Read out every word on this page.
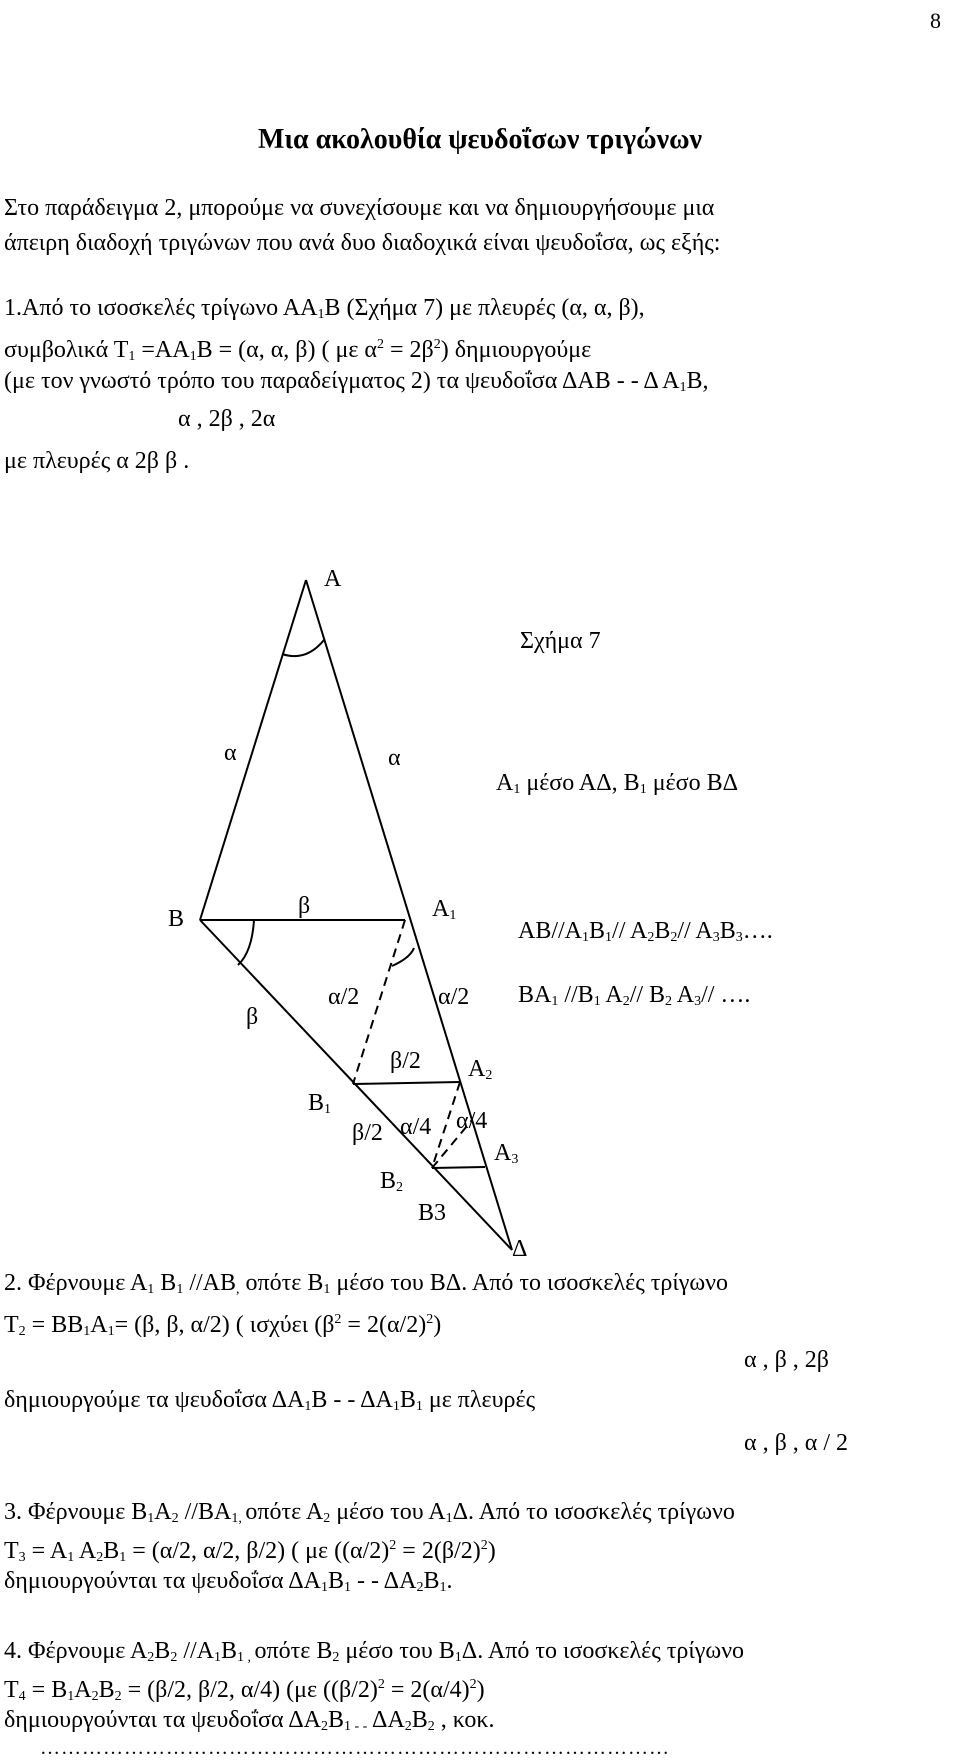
8
Μια ακολουθία ψευδοΐσων τριγώνων
Στο παράδειγμα 2, μπορούμε να συνεχίσουμε και να δημιουργήσουμε μια
άπειρη διαδοχή τριγώνων που ανά δυο διαδοχικά είναι ψευδοΐσα, ως εξής:
1.Από το ισοσκελές τρίγωνο $AA_1B$ (Σχήμα 7) με πλευρές (α, α, β),
συμβολικά $T_1 =AA_1B = (\alpha$, α, β) ( με $\alpha^2 = 2\beta^2$) δημιουργούμε
(με τον γνωστό τρόπο του παραδείγματος 2) τα ψευδοΐσα ΔΑΒ - - Δ $A_1B$,
α , 2β , 2α
με πλευρές α 2β β .
Α
Σχήμα 7
α	α
$A_1$ μέσο ΑΔ, $B_1$ μέσο ΒΔ
Β	β	$A_1$
$AB//A_1B_1//$ $A_2B_2//$ $A_3B_3\dots$.
β
α/2	α/2 $BA_1$ $//B_1$ $A_2//$ $B_2$ $A_3//$ ….
β/2 $A_2$
$B_1$
β/2 α/4 α/4
$A_3$
$B_2$
Β3
Δ
2. Φέρνουμε $A_1$ $B_1$ $//AB_,$ οπότε $B_1$ μέσο του ΒΔ. Από το ισοσκελές τρίγωνο
$T_2 = BB_1A_1= (\beta$, β, α/2) ( ισχύει $(\beta^2 = 2(\alpha/2)^2)$
α , β , 2β
δημιουργούμε τα ψευδοΐσα $\Delta A_1B$ - - $\Delta A_1B_1$ με πλευρές
α , β , α / 2
3. Φέρνουμε $B_1A_2$ $//BA_{1,}$ οπότε $A_2$ μέσο του $A_1\Delta$. Από το ισοσκελές τρίγωνο
$T_3 = A_1$ $A_2B_1 = (\alpha/2$, α/2, β/2) ( με $((\alpha/2)^2 = 2(\beta/2)^2)$
δημιουργούνται τα ψευδοΐσα $\Delta A_1B_1$ - - $\Delta A_2B_1$.
4. Φέρνουμε $A_2B_2$ $//A_1B_1$ $_,$ οπότε $B_2$ μέσο του $B_1\Delta$. Από το ισοσκελές τρίγωνο
$T_4 = B_1A_2B_2 = (\beta/2$, β/2, α/4) (με $((\beta/2)^2 = 2(\alpha/4)^2)$
δημιουργούνται τα ψευδοΐσα $\Delta A_2B_1$ $_{- -}$ $\Delta A_2B_2$ , κοκ.
………………………………………………………………………………
